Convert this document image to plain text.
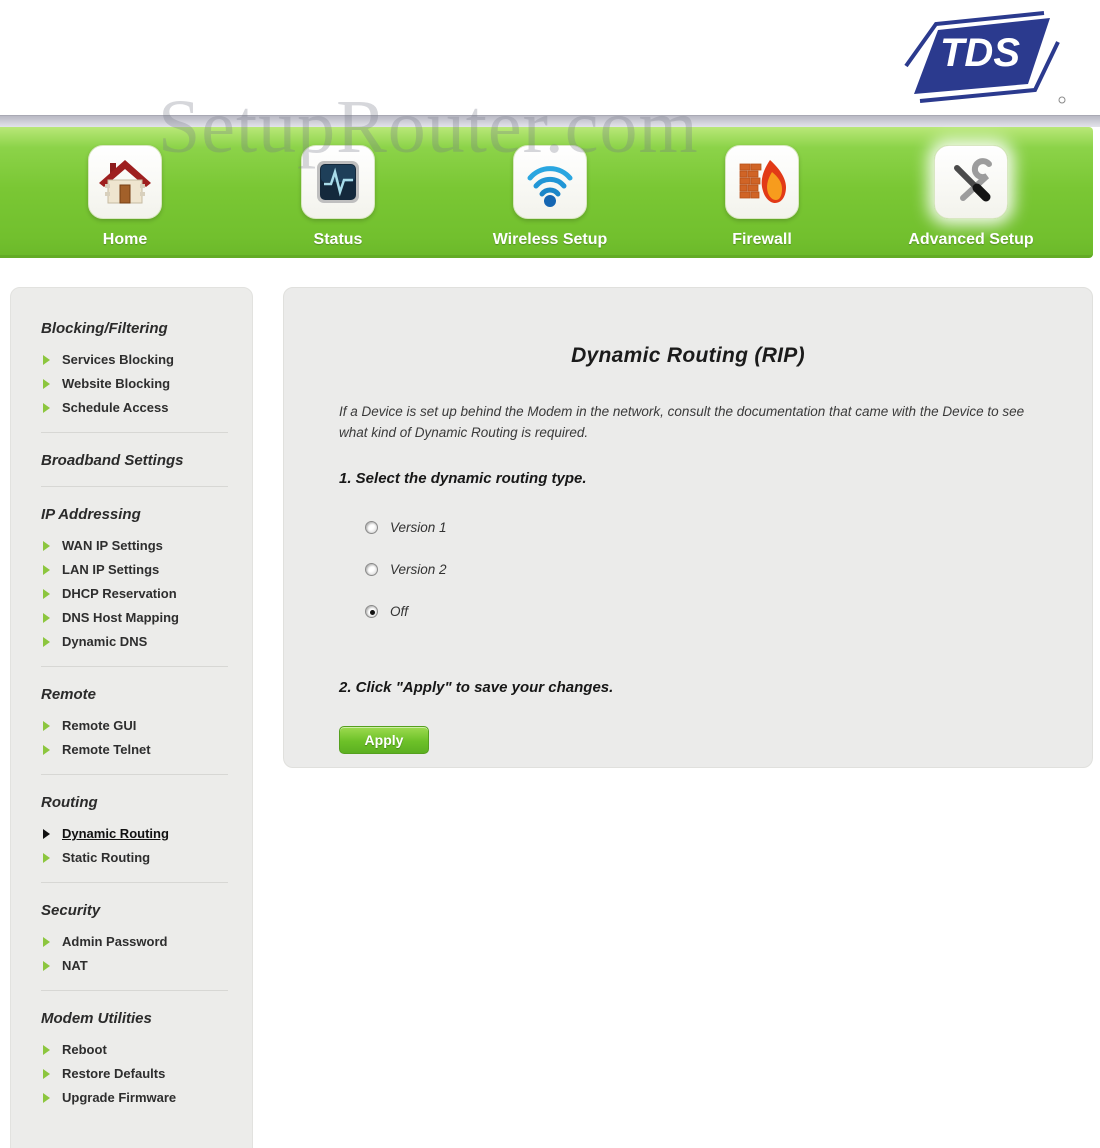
SetupRouter.com
TDS
Home	Status	Wireless Setup	Firewall	Advanced Setup
Blocking/Filtering
Services Blocking
Website Blocking
Schedule Access
Broadband Settings
IP Addressing
WAN IP Settings
LAN IP Settings
DHCP Reservation
DNS Host Mapping
Dynamic DNS
Remote
Remote GUI
Remote Telnet
Routing
Dynamic Routing
Static Routing
Security
Admin Password
NAT
Modem Utilities
Reboot
Restore Defaults
Upgrade Firmware
Dynamic Routing (RIP)
If a Device is set up behind the Modem in the network, consult the documentation that came with the Device to see what kind of Dynamic Routing is required.
1. Select the dynamic routing type.
Version 1
Version 2
Off
2. Click "Apply" to save your changes.
Apply
